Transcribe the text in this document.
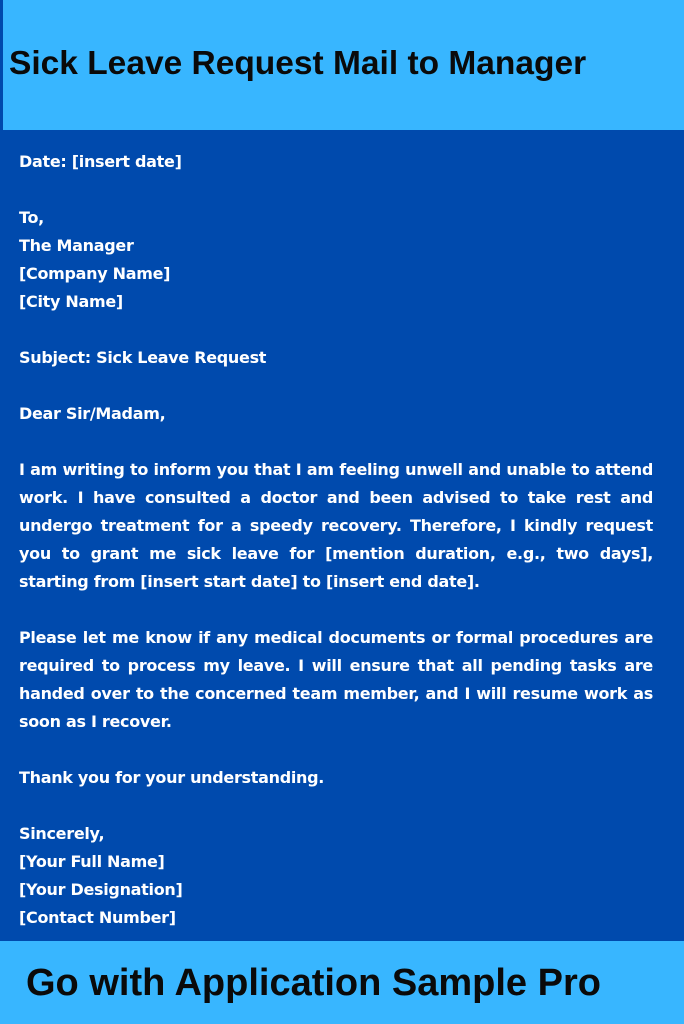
Sick Leave Request Mail to Manager
Date: [insert date]
To,
The Manager
[Company Name]
[City Name]
Subject: Sick Leave Request
Dear Sir/Madam,

I am writing to inform you that I am feeling unwell and unable to attend work. I have consulted a doctor and been advised to take rest and undergo treatment for a speedy recovery. Therefore, I kindly request you to grant me sick leave for [mention duration, e.g., two days], starting from [insert start date] to [insert end date].

Please let me know if any medical documents or formal procedures are required to process my leave. I will ensure that all pending tasks are handed over to the concerned team member, and I will resume work as soon as I recover.

Thank you for your understanding.
Sincerely,
[Your Full Name]
[Your Designation]
[Contact Number]

Go with Application Sample Pro
